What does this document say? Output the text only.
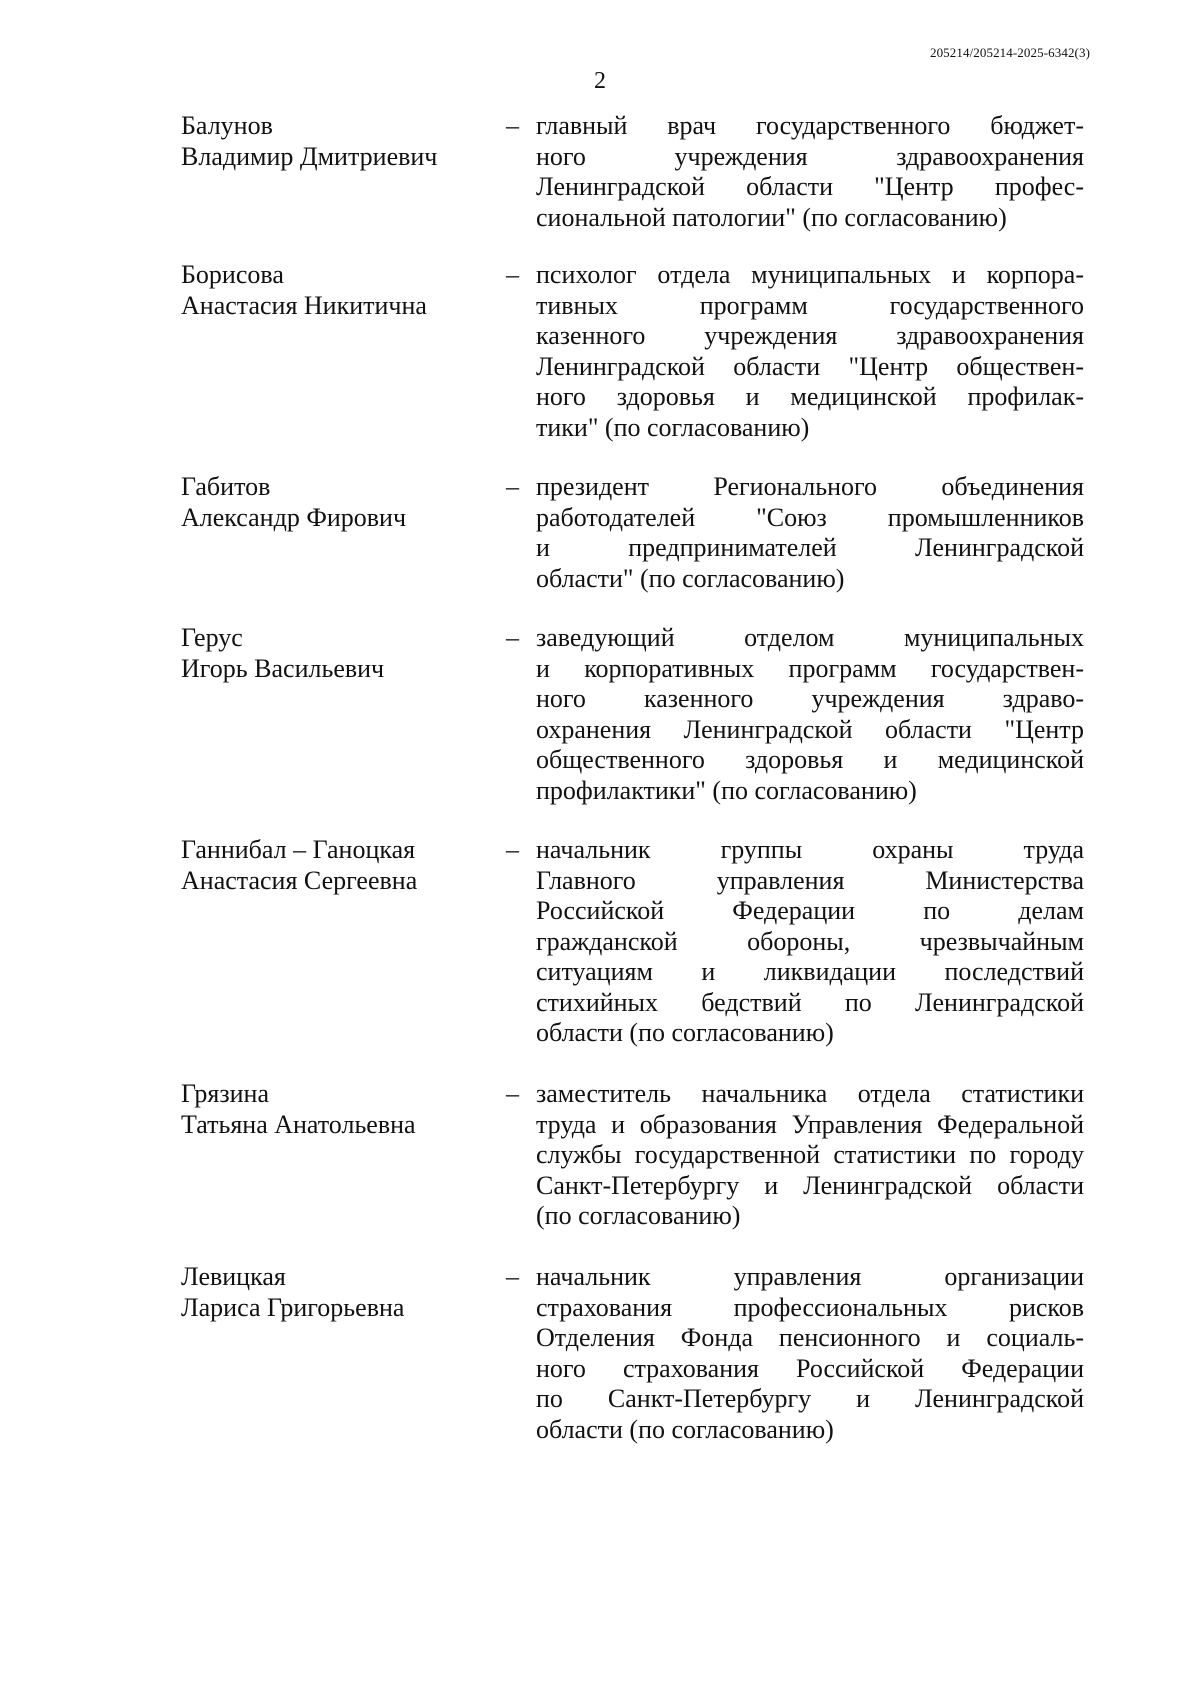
205214/205214-2025-6342(3)
2
Балунов
Владимир Дмитриевич
– главный врач государственного бюджет-
ного учреждения здравоохранения
Ленинградской области "Центр профес-
сиональной патологии" (по согласованию)
Борисова
Анастасия Никитична
– психолог отдела муниципальных и корпора-
тивных программ государственного
казенного учреждения здравоохранения
Ленинградской области "Центр обществен-
ного здоровья и медицинской профилак-
тики" (по согласованию)
Габитов
Александр Фирович
– президент Регионального объединения
работодателей "Союз промышленников
и предпринимателей Ленинградской
области" (по согласованию)
Герус
Игорь Васильевич
– заведующий отделом муниципальных
и корпоративных программ государствен-
ного казенного учреждения здраво-
охранения Ленинградской области "Центр
общественного здоровья и медицинской
профилактики" (по согласованию)
Ганнибал – Ганоцкая
Анастасия Сергеевна
– начальник группы охраны труда
Главного управления Министерства
Российской Федерации по делам
гражданской обороны, чрезвычайным
ситуациям и ликвидации последствий
стихийных бедствий по Ленинградской
области (по согласованию)
Грязина
Татьяна Анатольевна
– заместитель начальника отдела статистики
труда и образования Управления Федеральной
службы государственной статистики по городу
Санкт-Петербургу и Ленинградской области
(по согласованию)
Левицкая
Лариса Григорьевна
– начальник управления организации
страхования профессиональных рисков
Отделения Фонда пенсионного и социаль-
ного страхования Российской Федерации
по Санкт-Петербургу и Ленинградской
области (по согласованию)
